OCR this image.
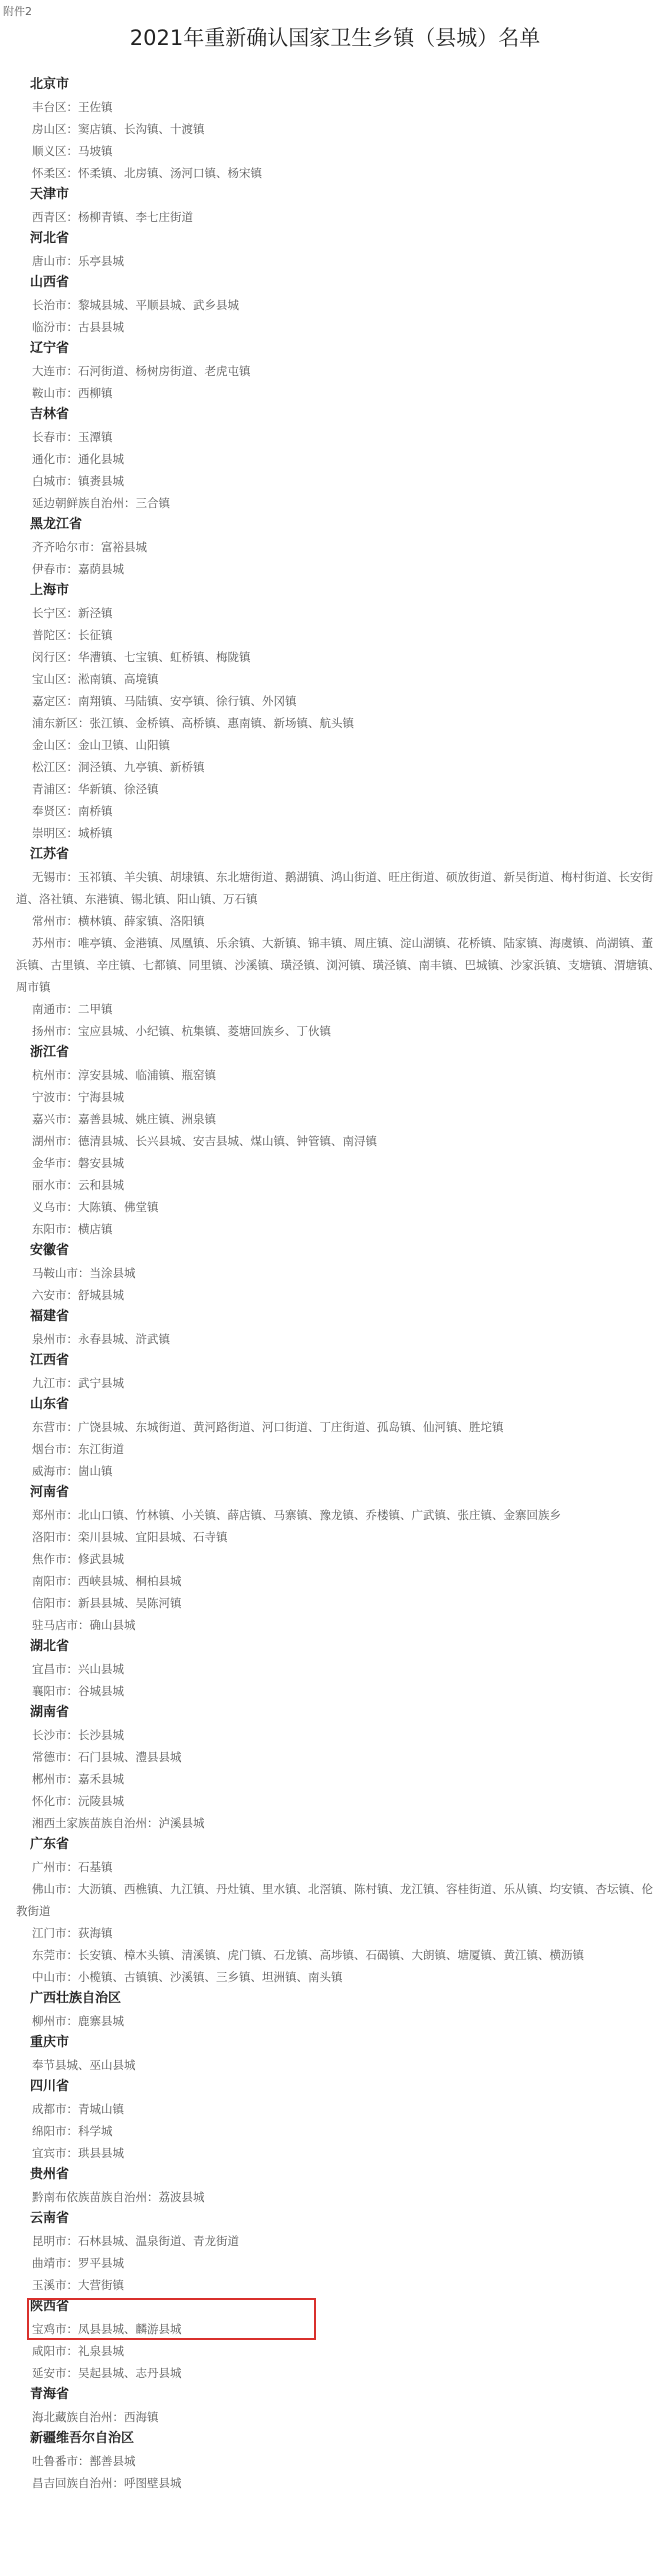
附件2
2021年重新确认国家卫生乡镇（县城）名单
北京市
丰台区：王佐镇
房山区：窦店镇、长沟镇、十渡镇
顺义区：马坡镇
怀柔区：怀柔镇、北房镇、汤河口镇、杨宋镇
天津市
西青区：杨柳青镇、李七庄街道
河北省
唐山市：乐亭县城
山西省
长治市：黎城县城、平顺县城、武乡县城
临汾市：古县县城
辽宁省
大连市：石河街道、杨树房街道、老虎屯镇
鞍山市：西柳镇
吉林省
长春市：玉潭镇
通化市：通化县城
白城市：镇赉县城
延边朝鲜族自治州：三合镇
黑龙江省
齐齐哈尔市：富裕县城
伊春市：嘉荫县城
上海市
长宁区：新泾镇
普陀区：长征镇
闵行区：华漕镇、七宝镇、虹桥镇、梅陇镇
宝山区：淞南镇、高境镇
嘉定区：南翔镇、马陆镇、安亭镇、徐行镇、外冈镇
浦东新区：张江镇、金桥镇、高桥镇、惠南镇、新场镇、航头镇
金山区：金山卫镇、山阳镇
松江区：洞泾镇、九亭镇、新桥镇
青浦区：华新镇、徐泾镇
奉贤区：南桥镇
崇明区：城桥镇
江苏省
无锡市：玉祁镇、羊尖镇、胡埭镇、东北塘街道、鹅湖镇、鸿山街道、旺庄街道、硕放街道、新吴街道、梅村街道、长安街道、洛社镇、东港镇、锡北镇、阳山镇、万石镇
常州市：横林镇、薛家镇、洛阳镇
苏州市：唯亭镇、金港镇、凤凰镇、乐余镇、大新镇、锦丰镇、周庄镇、淀山湖镇、花桥镇、陆家镇、海虞镇、尚湖镇、董浜镇、古里镇、辛庄镇、七都镇、同里镇、沙溪镇、璜泾镇、浏河镇、璜泾镇、南丰镇、巴城镇、沙家浜镇、支塘镇、渭塘镇、周市镇
南通市：二甲镇
扬州市：宝应县城、小纪镇、杭集镇、菱塘回族乡、丁伙镇
浙江省
杭州市：淳安县城、临浦镇、瓶窑镇
宁波市：宁海县城
嘉兴市：嘉善县城、姚庄镇、洲泉镇
湖州市：德清县城、长兴县城、安吉县城、煤山镇、钟管镇、南浔镇
金华市：磐安县城
丽水市：云和县城
义乌市：大陈镇、佛堂镇
东阳市：横店镇
安徽省
马鞍山市：当涂县城
六安市：舒城县城
福建省
泉州市：永春县城、浒武镇
江西省
九江市：武宁县城
山东省
东营市：广饶县城、东城街道、黄河路街道、河口街道、丁庄街道、孤岛镇、仙河镇、胜坨镇
烟台市：东江街道
威海市：崮山镇
河南省
郑州市：北山口镇、竹林镇、小关镇、薛店镇、马寨镇、豫龙镇、乔楼镇、广武镇、张庄镇、金寨回族乡
洛阳市：栾川县城、宜阳县城、石寺镇
焦作市：修武县城
南阳市：西峡县城、桐柏县城
信阳市：新县县城、吴陈河镇
驻马店市：确山县城
湖北省
宜昌市：兴山县城
襄阳市：谷城县城
湖南省
长沙市：长沙县城
常德市：石门县城、澧县县城
郴州市：嘉禾县城
怀化市：沅陵县城
湘西土家族苗族自治州：泸溪县城
广东省
广州市：石基镇
佛山市：大沥镇、西樵镇、九江镇、丹灶镇、里水镇、北滘镇、陈村镇、龙江镇、容桂街道、乐从镇、均安镇、杏坛镇、伦教街道
江门市：荻海镇
东莞市：长安镇、樟木头镇、清溪镇、虎门镇、石龙镇、高埗镇、石碣镇、大朗镇、塘厦镇、黄江镇、横沥镇
中山市：小榄镇、古镇镇、沙溪镇、三乡镇、坦洲镇、南头镇
广西壮族自治区
柳州市：鹿寨县城
重庆市
奉节县城、巫山县城
四川省
成都市：青城山镇
绵阳市：科学城
宜宾市：珙县县城
贵州省
黔南布依族苗族自治州：荔波县城
云南省
昆明市：石林县城、温泉街道、青龙街道
曲靖市：罗平县城
玉溪市：大营街镇
陕西省
宝鸡市：凤县县城、麟游县城
咸阳市：礼泉县城
延安市：吴起县城、志丹县城
青海省
海北藏族自治州：西海镇
新疆维吾尔自治区
吐鲁番市：鄯善县城
昌吉回族自治州：呼图壁县城
